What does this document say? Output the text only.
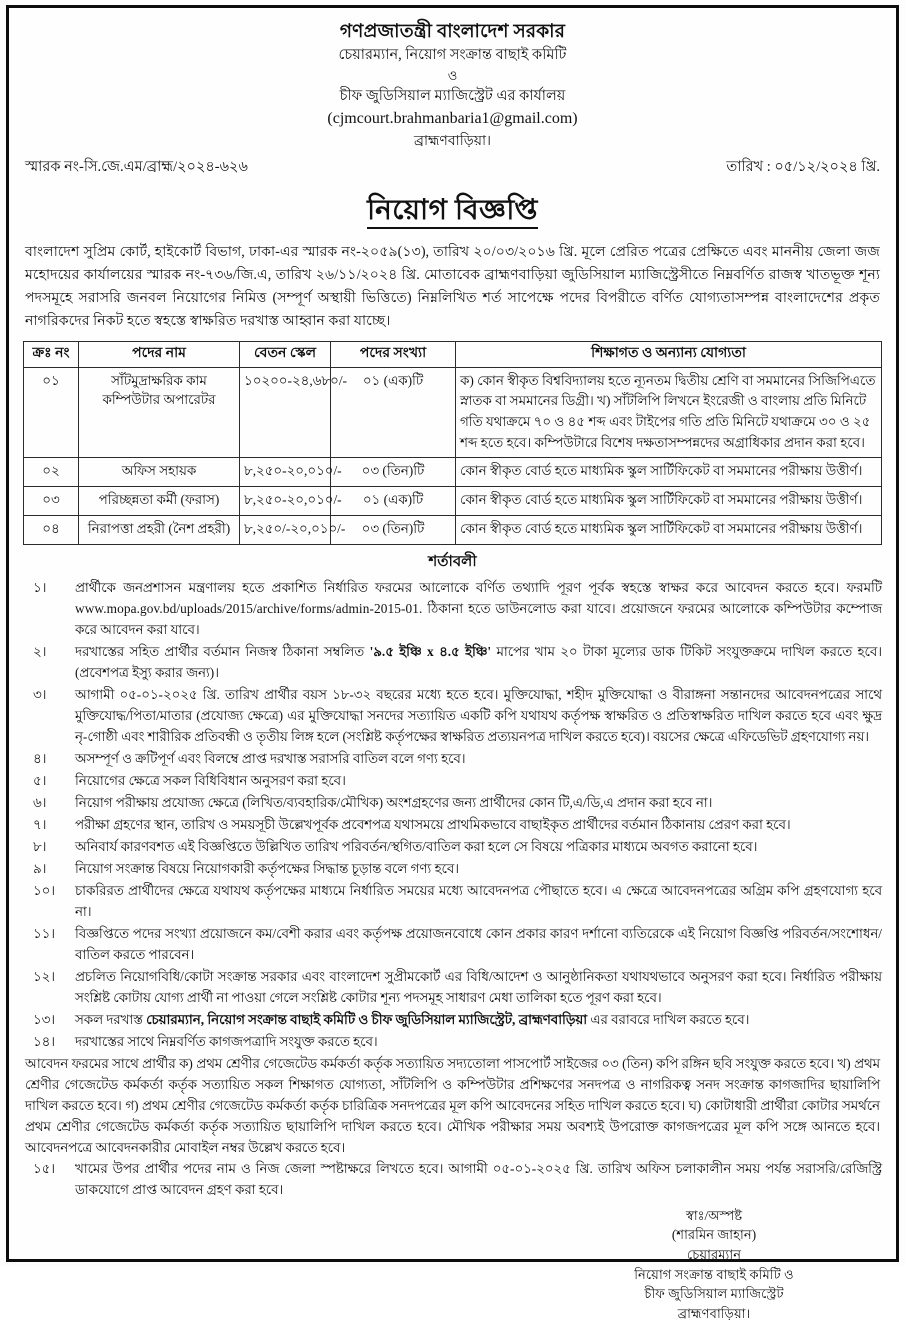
গণপ্রজাতন্ত্রী বাংলাদেশ সরকার
চেয়ারম্যান, নিয়োগ সংক্রান্ত বাছাই কমিটি
ও
চীফ জুডিসিয়াল ম্যাজিস্ট্রেট এর কার্যালয়
(cjmcourt.brahmanbaria1@gmail.com)
ব্রাহ্মণবাড়িয়া।
স্মারক নং-সি.জে.এম/ব্রাহ্ম/২০২৪-৬২৬	তারিখ : ০৫/১২/২০২৪ খ্রি.
নিয়োগ বিজ্ঞপ্তি

বাংলাদেশ সুপ্রিম কোর্ট, হাইকোর্ট বিভাগ, ঢাকা-এর স্মারক নং-২০৫৯(১৩), তারিখ ২০/০৩/২০১৬ খ্রি. মূলে প্রেরিত পত্রের প্রেক্ষিতে এবং মাননীয় জেলা জজ মহোদয়ের কার্যালয়ের স্মারক নং-৭৩৬/জি.এ, তারিখ ২৬/১১/২০২৪ খ্রি. মোতাবেক ব্রাহ্মণবাড়িয়া জুডিসিয়াল ম্যাজিস্ট্রেসীতে নিম্নবর্ণিত রাজস্ব খাতভূক্ত শূন্য পদসমূহে সরাসরি জনবল নিয়োগের নিমিত্ত (সম্পূর্ণ অস্থায়ী ভিত্তিতে) নিম্নলিখিত শর্ত সাপেক্ষে পদের বিপরীতে বর্ণিত যোগ্যতাসম্পন্ন বাংলাদেশের প্রকৃত নাগরিকদের নিকট হতে স্বহস্তে স্বাক্ষরিত দরখাস্ত আহ্বান করা যাচ্ছে।

ক্রঃ নং	পদের নাম	বেতন স্কেল	পদের সংখ্যা	শিক্ষাগত ও অন্যান্য যোগ্যতা
০১	সাঁটমুদ্রাক্ষরিক কাম কম্পিউটার অপারেটর	১০২০০-২৪,৬৮০/-	০১ (এক)টি	ক) কোন স্বীকৃত বিশ্ববিদ্যালয় হতে ন্যূনতম দ্বিতীয় শ্রেণি বা সমমানের সিজিপিএতে স্নাতক বা সমমানের ডিগ্রী। খ) সাঁটলিপি লিখনে ইংরেজী ও বাংলায় প্রতি মিনিটে গতি যথাক্রমে ৭০ ও ৪৫ শব্দ এবং টাইপের গতি প্রতি মিনিটে যথাক্রমে ৩০ ও ২৫ শব্দ হতে হবে। কম্পিউটারে বিশেষ দক্ষতাসম্পন্নদের অগ্রাধিকার প্রদান করা হবে।
০২	অফিস সহায়ক	৮,২৫০-২০,০১০/-	০৩ (তিন)টি	কোন স্বীকৃত বোর্ড হতে মাধ্যমিক স্কুল সার্টিফিকেট বা সমমানের পরীক্ষায় উত্তীর্ণ।
০৩	পরিচ্ছন্নতা কর্মী (ফরাস)	৮,২৫০-২০,০১০/-	০১ (এক)টি	কোন স্বীকৃত বোর্ড হতে মাধ্যমিক স্কুল সার্টিফিকেট বা সমমানের পরীক্ষায় উত্তীর্ণ।
০৪	নিরাপত্তা প্রহরী (নৈশ প্রহরী)	৮,২৫০/-২০,০১০/-	০৩ (তিন)টি	কোন স্বীকৃত বোর্ড হতে মাধ্যমিক স্কুল সার্টিফিকেট বা সমমানের পরীক্ষায় উত্তীর্ণ।
শর্তাবলী
১।	প্রার্থীকে জনপ্রশাসন মন্ত্রণালয় হতে প্রকাশিত নির্ধারিত ফরমের আলোকে বর্ণিত তথ্যাদি পূরণ পূর্বক স্বহস্তে স্বাক্ষর করে আবেদন করতে হবে। ফরমটি www.mopa.gov.bd/uploads/2015/archive/forms/admin-2015-01. ঠিকানা হতে ডাউনলোড করা যাবে। প্রয়োজনে ফরমের আলোকে কম্পিউটার কম্পোজ করে আবেদন করা যাবে।
২।	দরখাস্তের সহিত প্রার্থীর বর্তমান নিজস্ব ঠিকানা সম্বলিত '৯.৫ ইঞ্চি x ৪.৫ ইঞ্চি' মাপের খাম ২০ টাকা মূল্যের ডাক টিকিট সংযুক্তক্রমে দাখিল করতে হবে। (প্রবেশপত্র ইস্যু করার জন্য)।
৩।	আগামী ০৫-০১-২০২৫ খ্রি. তারিখ প্রার্থীর বয়স ১৮-৩২ বছরের মধ্যে হতে হবে। মুক্তিযোদ্ধা, শহীদ মুক্তিযোদ্ধা ও বীরাঙ্গনা সন্তানদের আবেদনপত্রের সাথে মুক্তিযোদ্ধ/পিতা/মাতার (প্রযোজ্য ক্ষেত্রে) এর মুক্তিযোদ্ধা সনদের সত্যায়িত একটি কপি যথাযথ কর্তৃপক্ষ স্বাক্ষরিত ও প্রতিস্বাক্ষরিত দাখিল করতে হবে এবং ক্ষুদ্র নৃ-গোষ্ঠী এবং শারীরিক প্রতিবন্ধী ও তৃতীয় লিঙ্গ হলে (সংশ্লিষ্ট কর্তৃপক্ষের স্বাক্ষরিত প্রত্যয়নপত্র দাখিল করতে হবে)। বয়সের ক্ষেত্রে এফিডেভিট গ্রহণযোগ্য নয়।
৪।	অসম্পূর্ণ ও ক্রটিপূর্ণ এবং বিলম্বে প্রাপ্ত দরখাস্ত সরাসরি বাতিল বলে গণ্য হবে।
৫।	নিয়োগের ক্ষেত্রে সকল বিধিবিধান অনুসরণ করা হবে।
৬।	নিয়োগ পরীক্ষায় প্রযোজ্য ক্ষেত্রে (লিখিত/ব্যবহারিক/মৌখিক) অংশগ্রহণের জন্য প্রার্থীদের কোন টি,এ/ডি,এ প্রদান করা হবে না।
৭।	পরীক্ষা গ্রহণের স্থান, তারিখ ও সময়সূচী উল্লেখপূর্বক প্রবেশপত্র যথাসময়ে প্রাথমিকভাবে বাছাইকৃত প্রার্থীদের বর্তমান ঠিকানায় প্রেরণ করা হবে।
৮।	অনিবার্য কারণবশত এই বিজ্ঞপ্তিতে উল্লিখিত তারিখ পরিবর্তন/স্থগিত/বাতিল করা হলে সে বিষয়ে পত্রিকার মাধ্যমে অবগত করানো হবে।
৯।	নিয়োগ সংক্রান্ত বিষয়ে নিয়োগকারী কর্তৃপক্ষের সিদ্ধান্ত চূড়ান্ত বলে গণ্য হবে।
১০।	চাকরিরত প্রার্থীদের ক্ষেত্রে যথাযথ কর্তৃপক্ষের মাধ্যমে নির্ধারিত সময়ের মধ্যে আবেদনপত্র পৌছাতে হবে। এ ক্ষেত্রে আবেদনপত্রের অগ্রিম কপি গ্রহণযোগ্য হবে না।
১১।	বিজ্ঞপ্তিতে পদের সংখ্যা প্রয়োজনে কম/বেশী করার এবং কর্তৃপক্ষ প্রয়োজনবোধে কোন প্রকার কারণ দর্শানো ব্যতিরেকে এই নিয়োগ বিজ্ঞপ্তি পরিবর্তন/সংশোধন/বাতিল করতে পারবেন।
১২।	প্রচলিত নিয়োগবিধি/কোটা সংক্রান্ত সরকার এবং বাংলাদেশ সুপ্রীমকোর্ট এর বিধি/আদেশ ও আনুষ্ঠানিকতা যথাযথভাবে অনুসরণ করা হবে। নির্ধারিত পরীক্ষায় সংশ্লিষ্ট কোটায় যোগ্য প্রার্থী না পাওয়া গেলে সংশ্লিষ্ট কোটার শূন্য পদসমূহ সাধারণ মেধা তালিকা হতে পূরণ করা হবে।
১৩।	সকল দরখাস্ত চেয়ারম্যান, নিয়োগ সংক্রান্ত বাছাই কমিটি ও চীফ জুডিসিয়াল ম্যাজিস্ট্রেট, ব্রাহ্মণবাড়িয়া এর বরাবরে দাখিল করতে হবে।
১৪।	দরখাস্তের সাথে নিম্নবর্ণিত কাগজপত্রাদি সংযুক্ত করতে হবে।

আবেদন ফরমের সাথে প্রার্থীর ক) প্রথম শ্রেণীর গেজেটেড কর্মকর্তা কর্তৃক সত্যায়িত সদ্যতোলা পাসপোর্ট সাইজের ০৩ (তিন) কপি রঙ্গিন ছবি সংযুক্ত করতে হবে। খ) প্রথম শ্রেণীর গেজেটেড কর্মকর্তা কর্তৃক সত্যায়িত সকল শিক্ষাগত যোগ্যতা, সাঁটলিপি ও কম্পিউটার প্রশিক্ষণের সনদপত্র ও নাগরিকত্ব সনদ সংক্রান্ত কাগজাদির ছায়ালিপি দাখিল করতে হবে। গ) প্রথম শ্রেণীর গেজেটেড কর্মকর্তা কর্তৃক চারিত্রিক সনদপত্রের মূল কপি আবেদনের সহিত দাখিল করতে হবে। ঘ) কোটাধারী প্রার্থীরা কোটার সমর্থনে প্রথম শ্রেণীর গেজেটেড কর্মকর্তা কর্তৃক সত্যায়িত ছায়ালিপি দাখিল করতে হবে। মৌখিক পরীক্ষার সময় অবশ্যই উপরোক্ত কাগজপত্রের মূল কপি সঙ্গে আনতে হবে। আবেদনপত্রে আবেদনকারীর মোবাইল নম্বর উল্লেখ করতে হবে।

১৫।	খামের উপর প্রার্থীর পদের নাম ও নিজ জেলা স্পষ্টাক্ষরে লিখতে হবে। আগামী ০৫-০১-২০২৫ খ্রি. তারিখ অফিস চলাকালীন সময় পর্যন্ত সরাসরি/রেজিস্ট্রি ডাকযোগে প্রাপ্ত আবেদন গ্রহণ করা হবে।
স্বাঃ/অস্পষ্ট
(শারমিন জাহান)
চেয়ারম্যান
নিয়োগ সংক্রান্ত বাছাই কমিটি ও
চীফ জুডিসিয়াল ম্যাজিস্ট্রেট
ব্রাহ্মণবাড়িয়া।
